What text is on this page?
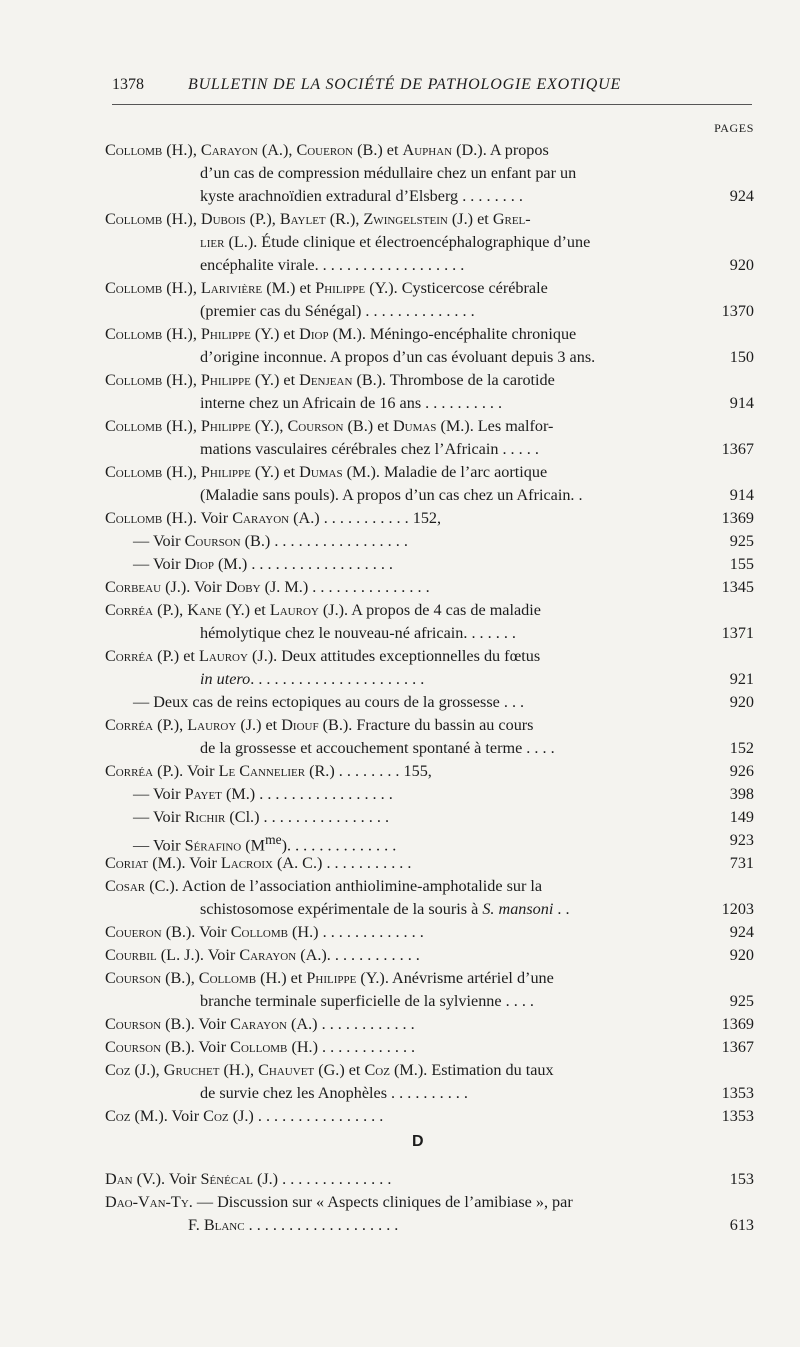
1378	BULLETIN DE LA SOCIÉTÉ DE PATHOLOGIE EXOTIQUE
PAGES
Collomb (H.), Carayon (A.), Coueron (B.) et Auphan (D.). A propos
d’un cas de compression médullaire chez un enfant par un
kyste arachnoïdien extradural d’Elsberg . . . . . . . .	924
Collomb (H.), Dubois (P.), Baylet (R.), Zwingelstein (J.) et Grel-
lier (L.). Étude clinique et électroencéphalographique d’une
encéphalite virale. . . . . . . . . . . . . . . . . . .	920
Collomb (H.), Larivière (M.) et Philippe (Y.). Cysticercose cérébrale
(premier cas du Sénégal) . . . . . . . . . . . . . .	1370
Collomb (H.), Philippe (Y.) et Diop (M.). Méningo-encéphalite chronique
d’origine inconnue. A propos d’un cas évoluant depuis 3 ans.	150
Collomb (H.), Philippe (Y.) et Denjean (B.). Thrombose de la carotide
interne chez un Africain de 16 ans . . . . . . . . . .	914
Collomb (H.), Philippe (Y.), Courson (B.) et Dumas (M.). Les malfor-
mations vasculaires cérébrales chez l’Africain . . . . .	1367
Collomb (H.), Philippe (Y.) et Dumas (M.). Maladie de l’arc aortique
(Maladie sans pouls). A propos d’un cas chez un Africain. .	914
Collomb (H.). Voir Carayon (A.) . . . . . . . . . . . 152,	1369
— Voir Courson (B.) . . . . . . . . . . . . . . . . .	925
— Voir Diop (M.) . . . . . . . . . . . . . . . . . .	155
Corbeau (J.). Voir Doby (J. M.) . . . . . . . . . . . . . . .	1345
Corréa (P.), Kane (Y.) et Lauroy (J.). A propos de 4 cas de maladie
hémolytique chez le nouveau-né africain. . . . . . .	1371
Corréa (P.) et Lauroy (J.). Deux attitudes exceptionnelles du fœtus
in utero. . . . . . . . . . . . . . . . . . . . . .	921
— Deux cas de reins ectopiques au cours de la grossesse . . .	920
Corréa (P.), Lauroy (J.) et Diouf (B.). Fracture du bassin au cours
de la grossesse et accouchement spontané à terme . . . .	152
Corréa (P.). Voir Le Cannelier (R.) . . . . . . . . 155,	926
— Voir Payet (M.) . . . . . . . . . . . . . . . . .	398
— Voir Richir (Cl.) . . . . . . . . . . . . . . . .	149
— Voir Sérafino $(M^{me})$. . . . . . . . . . . . . .	923
Coriat (M.). Voir Lacroix (A. C.) . . . . . . . . . . .	731
Cosar (C.). Action de l’association anthiolimine-amphotalide sur la
schistosomose expérimentale de la souris à S. mansoni . .	1203
Coueron (B.). Voir Collomb (H.) . . . . . . . . . . . . .	924
Courbil (L. J.). Voir Carayon (A.). . . . . . . . . . . .	920
Courson (B.), Collomb (H.) et Philippe (Y.). Anévrisme artériel d’une
branche terminale superficielle de la sylvienne . . . .	925
Courson (B.). Voir Carayon (A.) . . . . . . . . . . . .	1369
Courson (B.). Voir Collomb (H.) . . . . . . . . . . . .	1367
Coz (J.), Gruchet (H.), Chauvet (G.) et Coz (M.). Estimation du taux
de survie chez les Anophèles . . . . . . . . . .	1353
Coz (M.). Voir Coz (J.) . . . . . . . . . . . . . . . .	1353
Dan (V.). Voir Sénécal (J.) . . . . . . . . . . . . . .	153
Dao-Van-Ty. — Discussion sur « Aspects cliniques de l’amibiase », par
F. Blanc . . . . . . . . . . . . . . . . . . .	613
D
